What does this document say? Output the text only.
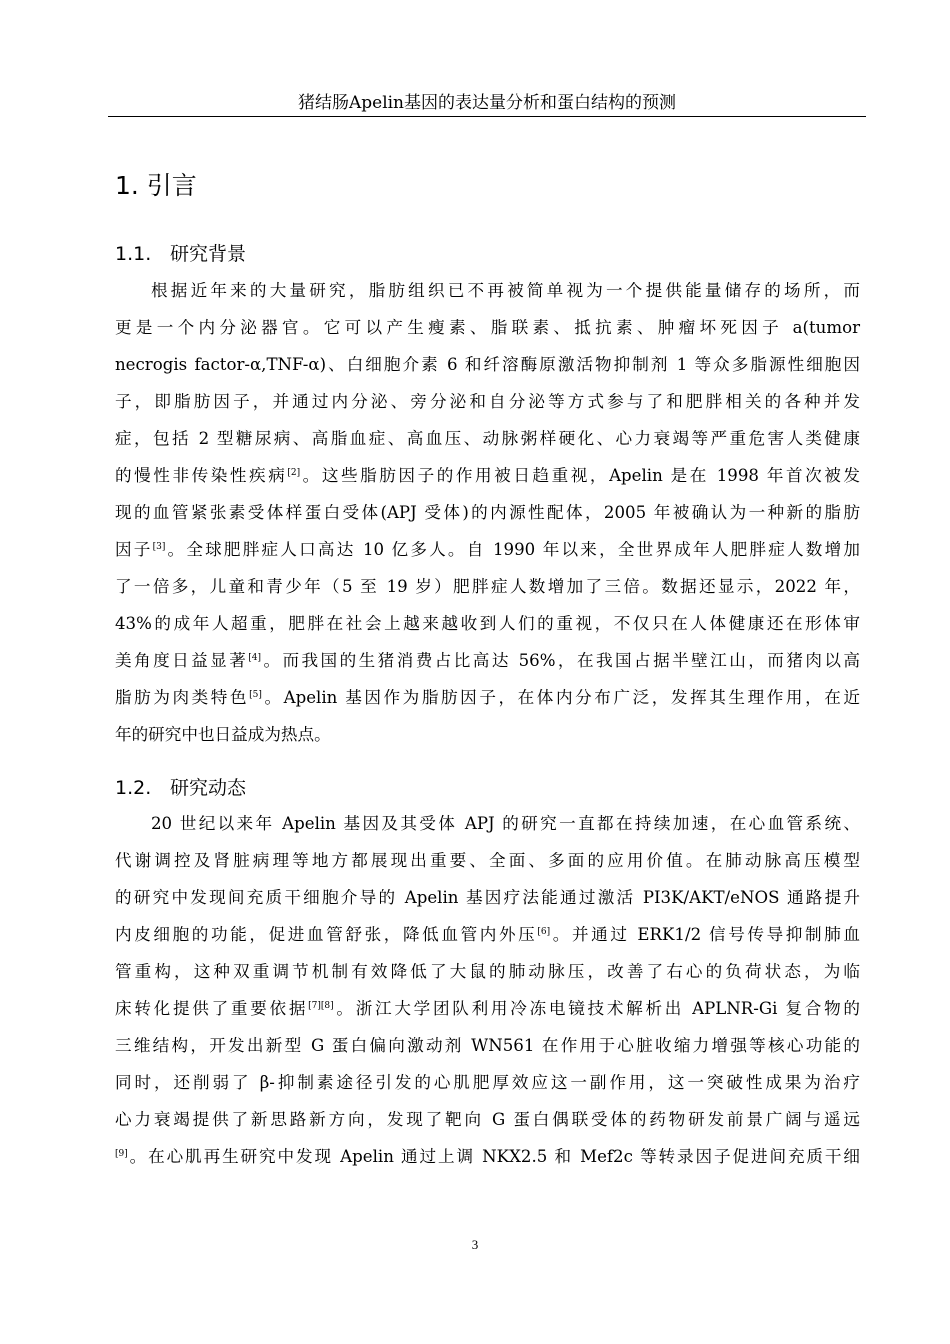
猪结肠Apelin基因的表达量分析和蛋白结构的预测
1. 引言
1.1. 研究背景
根据近年来的大量研究，脂肪组织已不再被简单视为一个提供能量储存的场所，而
更是一个内分泌器官。它可以产生瘦素、脂联素、抵抗素、肿瘤坏死因子 a(tumor
necrogis factor-α,TNF-α)、白细胞介素 6 和纤溶酶原激活物抑制剂 1 等众多脂源性细胞因
子，即脂肪因子，并通过内分泌、旁分泌和自分泌等方式参与了和肥胖相关的各种并发
症，包括 2 型糖尿病、高脂血症、高血压、动脉粥样硬化、心力衰竭等严重危害人类健康
的慢性非传染性疾病[2]。这些脂肪因子的作用被日趋重视，Apelin 是在 1998 年首次被发
现的血管紧张素受体样蛋白受体(APJ 受体)的内源性配体，2005 年被确认为一种新的脂肪
因子[3]。全球肥胖症人口高达 10 亿多人。自 1990 年以来，全世界成年人肥胖症人数增加
了一倍多，儿童和青少年（5 至 19 岁）肥胖症人数增加了三倍。数据还显示，2022 年，
43%的成年人超重，肥胖在社会上越来越收到人们的重视，不仅只在人体健康还在形体审
美角度日益显著[4]。而我国的生猪消费占比高达 56%，在我国占据半壁江山，而猪肉以高
脂肪为肉类特色[5]。Apelin 基因作为脂肪因子，在体内分布广泛，发挥其生理作用，在近
年的研究中也日益成为热点。
1.2. 研究动态
20 世纪以来年 Apelin 基因及其受体 APJ 的研究一直都在持续加速，在心血管系统、
代谢调控及肾脏病理等地方都展现出重要、全面、多面的应用价值。在肺动脉高压模型
的研究中发现间充质干细胞介导的 Apelin 基因疗法能通过激活 PI3K/AKT/eNOS 通路提升
内皮细胞的功能，促进血管舒张，降低血管内外压[6]。并通过 ERK1/2 信号传导抑制肺血
管重构，这种双重调节机制有效降低了大鼠的肺动脉压，改善了右心的负荷状态，为临
床转化提供了重要依据[7][8]。浙江大学团队利用冷冻电镜技术解析出 APLNR-Gi 复合物的
三维结构，开发出新型 G 蛋白偏向激动剂 WN561 在作用于心脏收缩力增强等核心功能的
同时，还削弱了 β-抑制素途径引发的心肌肥厚效应这一副作用，这一突破性成果为治疗
心力衰竭提供了新思路新方向，发现了靶向 G 蛋白偶联受体的药物研发前景广阔与遥远
[9]。在心肌再生研究中发现 Apelin 通过上调 NKX2.5 和 Mef2c 等转录因子促进间充质干细
3
